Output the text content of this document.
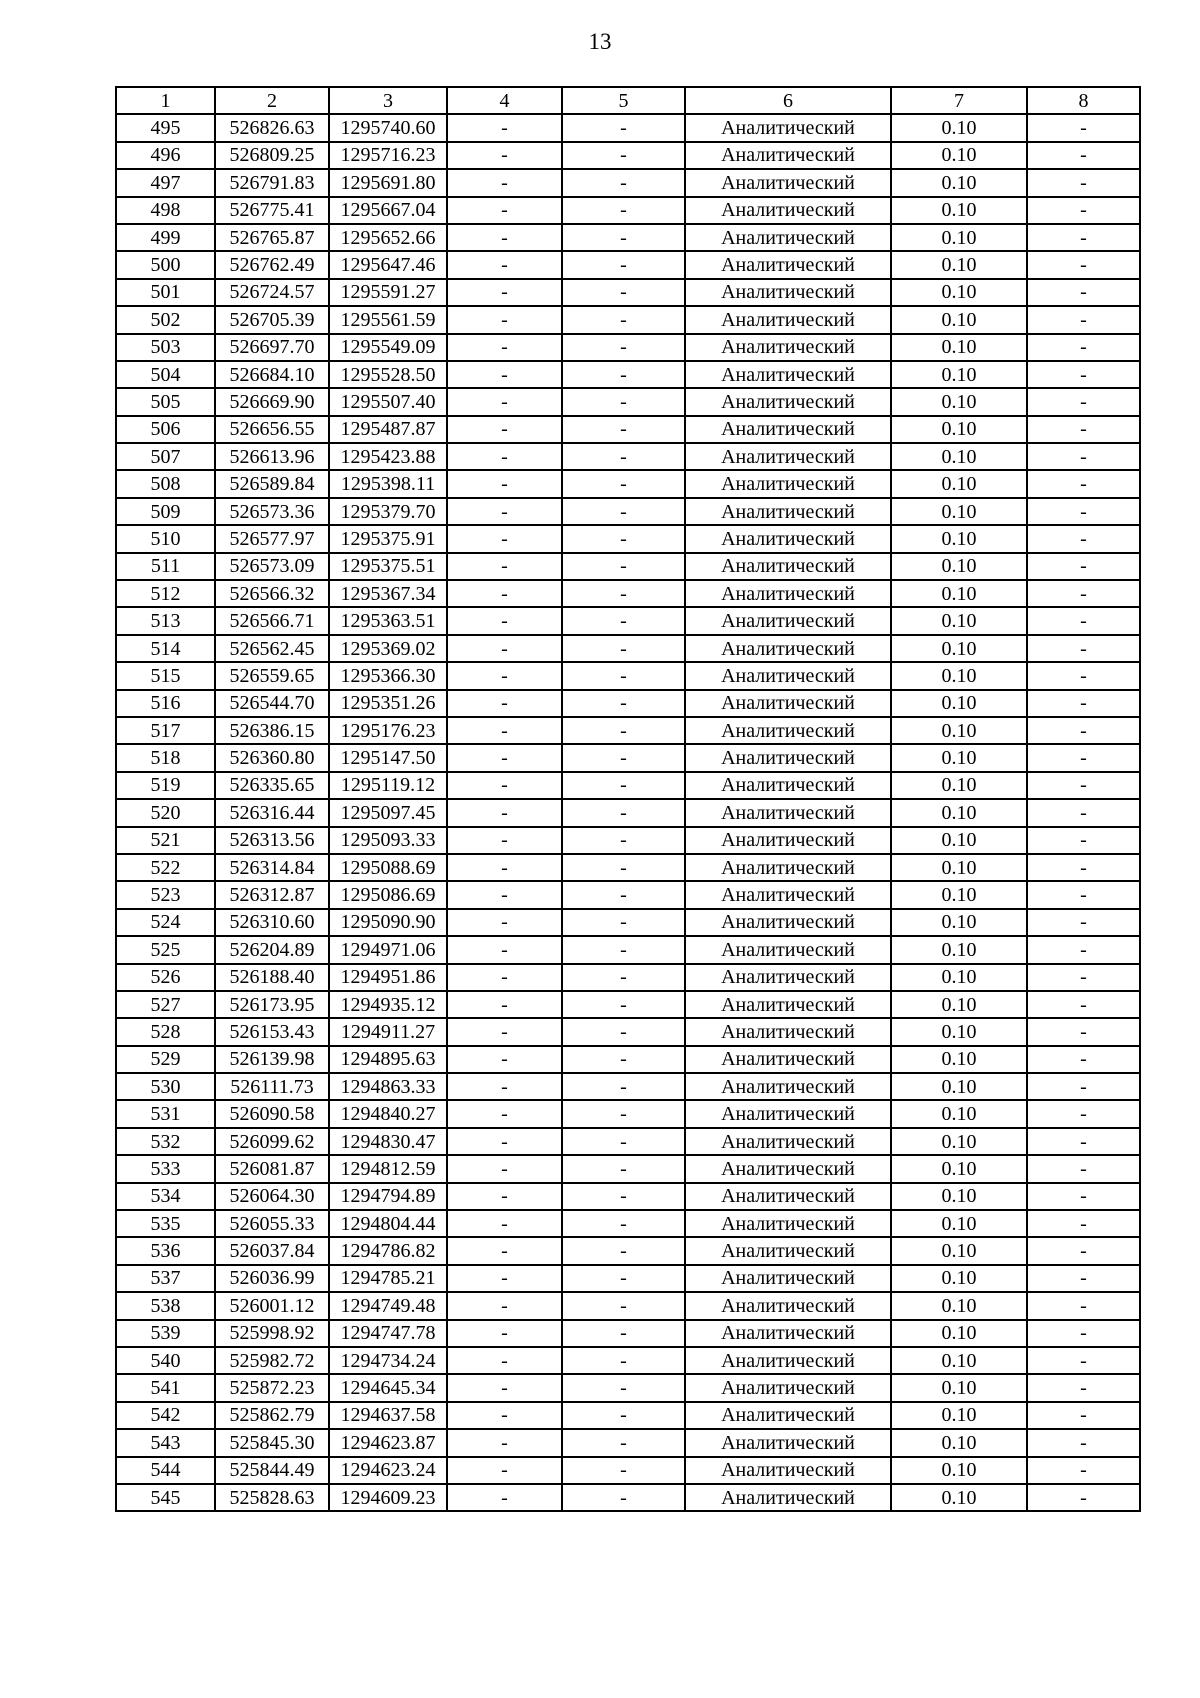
13
1	2	3	4	5	6	7	8
495	526826.63	1295740.60	-	-	Аналитический	0.10	-
496	526809.25	1295716.23	-	-	Аналитический	0.10	-
497	526791.83	1295691.80	-	-	Аналитический	0.10	-
498	526775.41	1295667.04	-	-	Аналитический	0.10	-
499	526765.87	1295652.66	-	-	Аналитический	0.10	-
500	526762.49	1295647.46	-	-	Аналитический	0.10	-
501	526724.57	1295591.27	-	-	Аналитический	0.10	-
502	526705.39	1295561.59	-	-	Аналитический	0.10	-
503	526697.70	1295549.09	-	-	Аналитический	0.10	-
504	526684.10	1295528.50	-	-	Аналитический	0.10	-
505	526669.90	1295507.40	-	-	Аналитический	0.10	-
506	526656.55	1295487.87	-	-	Аналитический	0.10	-
507	526613.96	1295423.88	-	-	Аналитический	0.10	-
508	526589.84	1295398.11	-	-	Аналитический	0.10	-
509	526573.36	1295379.70	-	-	Аналитический	0.10	-
510	526577.97	1295375.91	-	-	Аналитический	0.10	-
511	526573.09	1295375.51	-	-	Аналитический	0.10	-
512	526566.32	1295367.34	-	-	Аналитический	0.10	-
513	526566.71	1295363.51	-	-	Аналитический	0.10	-
514	526562.45	1295369.02	-	-	Аналитический	0.10	-
515	526559.65	1295366.30	-	-	Аналитический	0.10	-
516	526544.70	1295351.26	-	-	Аналитический	0.10	-
517	526386.15	1295176.23	-	-	Аналитический	0.10	-
518	526360.80	1295147.50	-	-	Аналитический	0.10	-
519	526335.65	1295119.12	-	-	Аналитический	0.10	-
520	526316.44	1295097.45	-	-	Аналитический	0.10	-
521	526313.56	1295093.33	-	-	Аналитический	0.10	-
522	526314.84	1295088.69	-	-	Аналитический	0.10	-
523	526312.87	1295086.69	-	-	Аналитический	0.10	-
524	526310.60	1295090.90	-	-	Аналитический	0.10	-
525	526204.89	1294971.06	-	-	Аналитический	0.10	-
526	526188.40	1294951.86	-	-	Аналитический	0.10	-
527	526173.95	1294935.12	-	-	Аналитический	0.10	-
528	526153.43	1294911.27	-	-	Аналитический	0.10	-
529	526139.98	1294895.63	-	-	Аналитический	0.10	-
530	526111.73	1294863.33	-	-	Аналитический	0.10	-
531	526090.58	1294840.27	-	-	Аналитический	0.10	-
532	526099.62	1294830.47	-	-	Аналитический	0.10	-
533	526081.87	1294812.59	-	-	Аналитический	0.10	-
534	526064.30	1294794.89	-	-	Аналитический	0.10	-
535	526055.33	1294804.44	-	-	Аналитический	0.10	-
536	526037.84	1294786.82	-	-	Аналитический	0.10	-
537	526036.99	1294785.21	-	-	Аналитический	0.10	-
538	526001.12	1294749.48	-	-	Аналитический	0.10	-
539	525998.92	1294747.78	-	-	Аналитический	0.10	-
540	525982.72	1294734.24	-	-	Аналитический	0.10	-
541	525872.23	1294645.34	-	-	Аналитический	0.10	-
542	525862.79	1294637.58	-	-	Аналитический	0.10	-
543	525845.30	1294623.87	-	-	Аналитический	0.10	-
544	525844.49	1294623.24	-	-	Аналитический	0.10	-
545	525828.63	1294609.23	-	-	Аналитический	0.10	-
